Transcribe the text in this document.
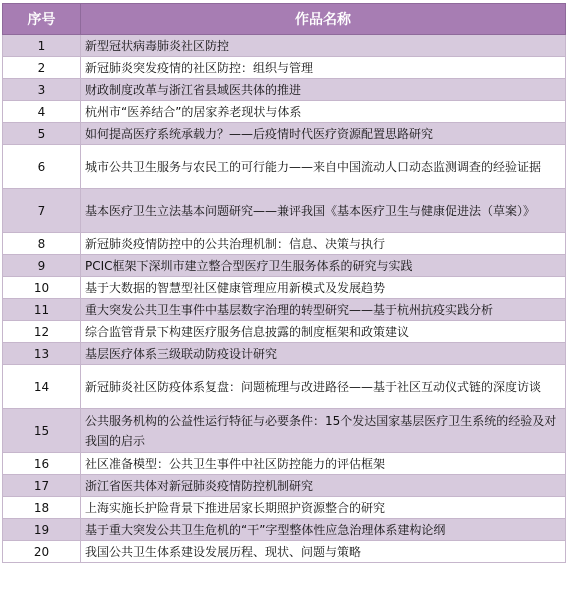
序号	作品名称
1	新型冠状病毒肺炎社区防控
2	新冠肺炎突发疫情的社区防控：组织与管理
3	财政制度改革与浙江省县域医共体的推进
4	杭州市“医养结合”的居家养老现状与体系
5	如何提高医疗系统承载力？——后疫情时代医疗资源配置思路研究
6	城市公共卫生服务与农民工的可行能力——来自中国流动人口动态监测调查的经验证据
7	基本医疗卫生立法基本问题研究——兼评我国《基本医疗卫生与健康促进法（草案）》
8	新冠肺炎疫情防控中的公共治理机制：信息、决策与执行
9	PCIC框架下深圳市建立整合型医疗卫生服务体系的研究与实践
10	基于大数据的智慧型社区健康管理应用新模式及发展趋势
11	重大突发公共卫生事件中基层数字治理的转型研究——基于杭州抗疫实践分析
12	综合监管背景下构建医疗服务信息披露的制度框架和政策建议
13	基层医疗体系三级联动防疫设计研究
14	新冠肺炎社区防疫体系复盘：问题梳理与改进路径——基于社区互动仪式链的深度访谈
15	公共服务机构的公益性运行特征与必要条件：15个发达国家基层医疗卫生系统的经验及对我国的启示
16	社区准备模型：公共卫生事件中社区防控能力的评估框架
17	浙江省医共体对新冠肺炎疫情防控机制研究
18	上海实施长护险背景下推进居家长期照护资源整合的研究
19	基于重大突发公共卫生危机的“干”字型整体性应急治理体系建构论纲
20	我国公共卫生体系建设发展历程、现状、问题与策略
